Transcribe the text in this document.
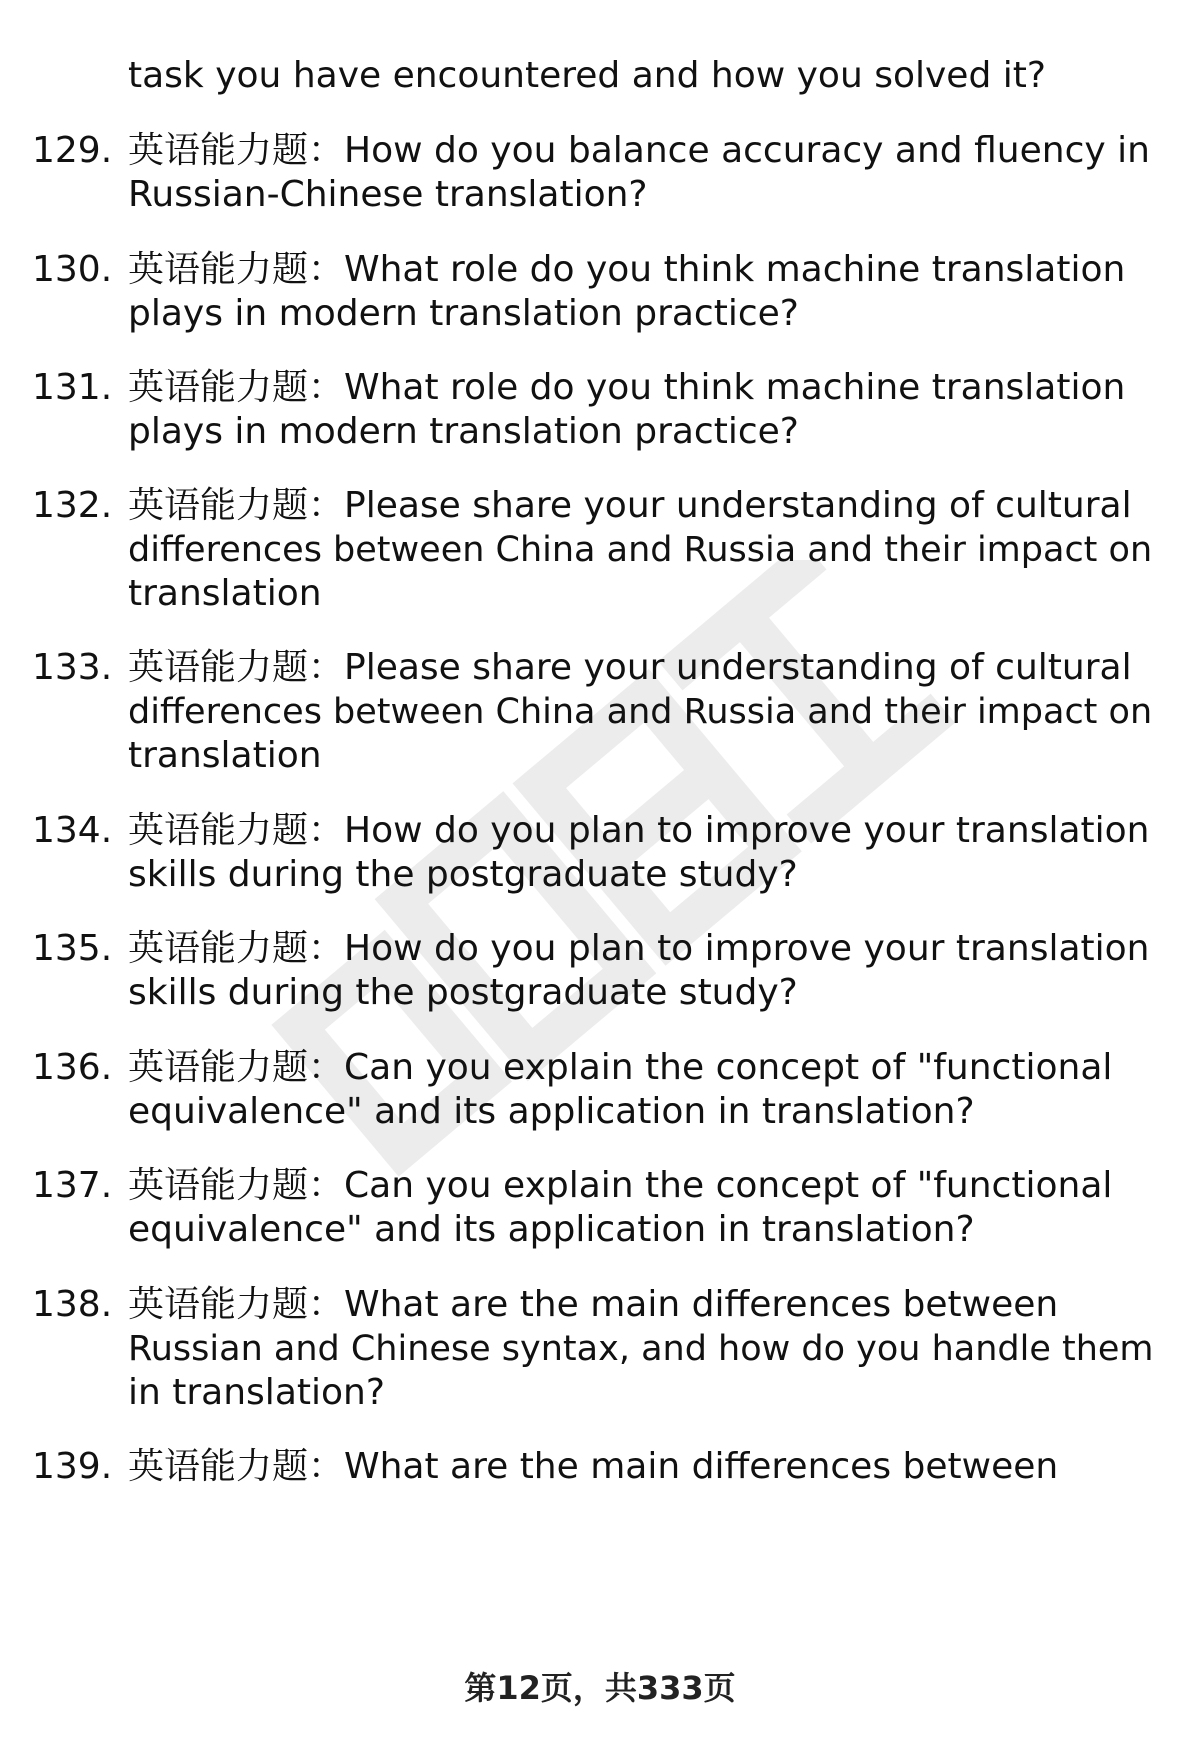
task you have encountered and how you solved it?
129. 英语能力题：How do you balance accuracy and fluency in
Russian-Chinese translation?
130. 英语能力题：What role do you think machine translation
plays in modern translation practice?
131. 英语能力题：What role do you think machine translation
plays in modern translation practice?
132. 英语能力题：Please share your understanding of cultural
differences between China and Russia and their impact on
translation
133. 英语能力题：Please share your understanding of cultural
differences between China and Russia and their impact on
translation
134. 英语能力题：How do you plan to improve your translation
skills during the postgraduate study?
135. 英语能力题：How do you plan to improve your translation
skills during the postgraduate study?
136. 英语能力题：Can you explain the concept of "functional
equivalence" and its application in translation?
137. 英语能力题：Can you explain the concept of "functional
equivalence" and its application in translation?
138. 英语能力题：What are the main differences between
Russian and Chinese syntax, and how do you handle them
in translation?
139. 英语能力题：What are the main differences between
第12页，共333页
